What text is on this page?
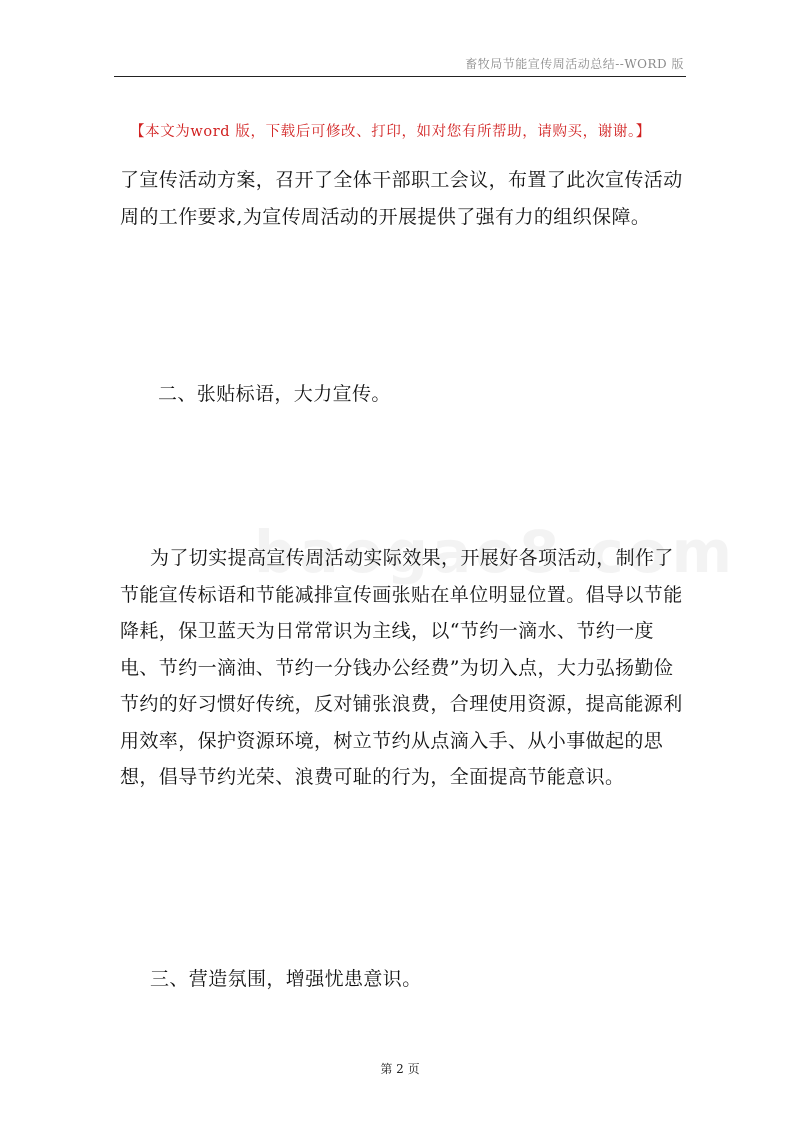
畜牧局节能宣传周活动总结--WORD 版
【本文为word 版，下载后可修改、打印，如对您有所帮助，请购买，谢谢。】

了宣传活动方案，召开了全体干部职工会议，布置了此次宣传活动周的工作要求,为宣传周活动的开展提供了强有力的组织保障。

二、张贴标语，大力宣传。

为了切实提高宣传周活动实际效果，开展好各项活动，制作了节能宣传标语和节能减排宣传画张贴在单位明显位置。倡导以节能降耗，保卫蓝天为日常常识为主线，以“节约一滴水、节约一度电、节约一滴油、节约一分钱办公经费”为切入点，大力弘扬勤俭节约的好习惯好传统，反对铺张浪费，合理使用资源，提高能源利用效率，保护资源环境，树立节约从点滴入手、从小事做起的思想，倡导节约光荣、浪费可耻的行为，全面提高节能意识。

三、营造氛围，增强忧患意识。

第 2 页
